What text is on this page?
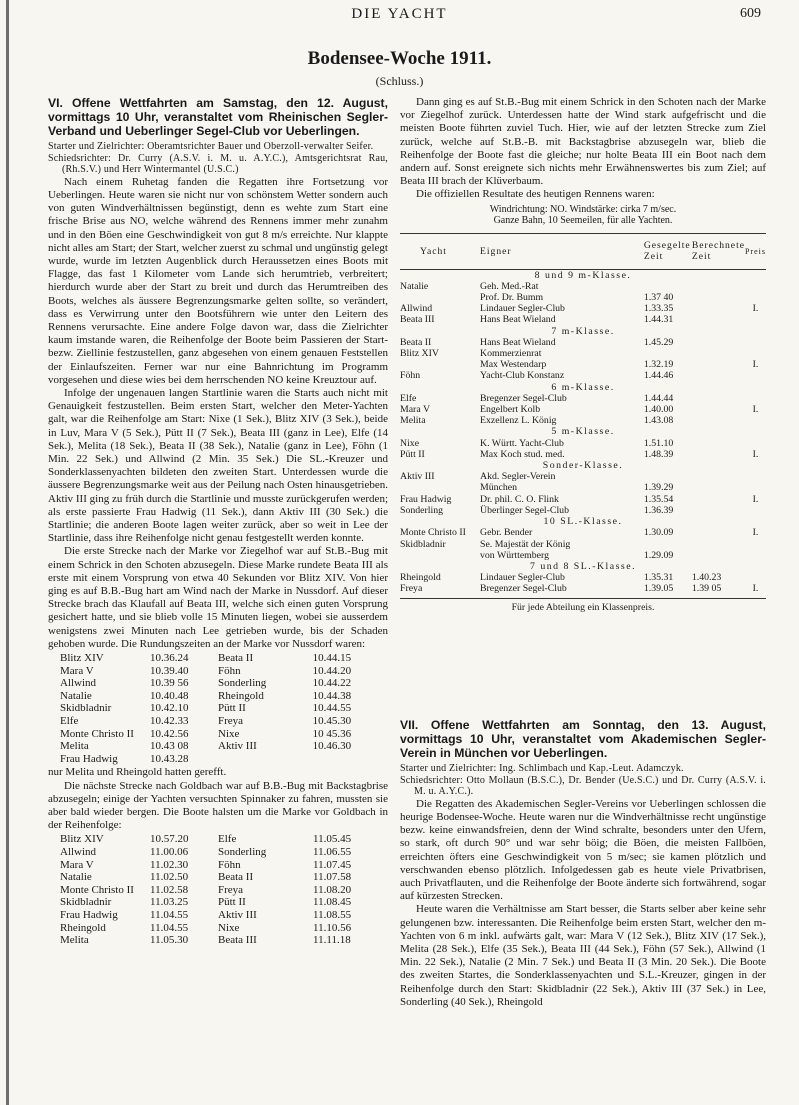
DIE YACHT	609
Bodensee-Woche 1911.
(Schluss.)
VI. Offene Wettfahrten am Samstag, den 12. August, vormittags 10 Uhr, veranstaltet vom Rheinischen Segler-Verband und Ueberlinger Segel-Club vor Ueberlingen.

Starter und Zielrichter: Oberamtsrichter Bauer und Oberzoll-verwalter Seifer.

Schiedsrichter: Dr. Curry (A.S.V. i. M. u. A.Y.C.), Amtsgerichtsrat Rau, (Rh.S.V.) und Herr Wintermantel (U.S.C.)

Nach einem Ruhetag fanden die Regatten ihre Fortsetzung vor Ueberlingen. Heute waren sie nicht nur von schönstem Wetter sondern auch von guten Windverhältnissen begünstigt, denn es wehte zum Start eine frische Brise aus NO, welche während des Rennens immer mehr zunahm und in den Böen eine Geschwindigkeit von gut 8 m/s erreichte. Nur klappte nicht alles am Start; der Start, welcher zuerst zu schmal und ungünstig gelegt wurde, wurde im letzten Augenblick durch Heraussetzen eines Boots mit Flagge, das fast 1 Kilometer vom Lande sich herumtrieb, verbreitert; hierdurch wurde aber der Start zu breit und durch das Herumtreiben des Boots, welches als äussere Begrenzungsmarke gelten sollte, so verändert, dass es Verwirrung unter den Bootsführern wie unter den Leitern des Rennens verursachte. Eine andere Folge davon war, dass die Zielrichter kaum imstande waren, die Reihenfolge der Boote beim Passieren der Start- bezw. Ziellinie festzustellen, ganz abgesehen von einem genauen Feststellen der Einlaufszeiten. Ferner war nur eine Bahnrichtung im Programm vorgesehen und diese wies bei dem herrschenden NO keine Kreuztour auf.

Infolge der ungenauen langen Startlinie waren die Starts auch nicht mit Genauigkeit festzustellen. Beim ersten Start, welcher den Meter-Yachten galt, war die Reihenfolge am Start: Nixe (1 Sek.), Blitz XIV (3 Sek.), beide in Luv, Mara V (5 Sek.), Pütt II (7 Sek.), Beata III (ganz in Lee), Elfe (14 Sek.), Melita (18 Sek.), Beata II (38 Sek.), Natalie (ganz in Lee), Föhn (1 Min. 22 Sek.) und Allwind (2 Min. 35 Sek.) Die SL.-Kreuzer und Sonderklassenyachten bildeten den zweiten Start. Unterdessen wurde die äussere Begrenzungsmarke weit aus der Peilung nach Osten hinausgetrieben. Aktiv III ging zu früh durch die Startlinie und musste zurückgerufen werden; als erste passierte Frau Hadwig (11 Sek.), dann Aktiv III (30 Sek.) die Startlinie; die anderen Boote lagen weiter zurück, aber so weit in Lee der Startlinie, dass ihre Reihenfolge nicht genau festgestellt werden konnte.

Die erste Strecke nach der Marke vor Ziegelhof war auf St.B.-Bug mit einem Schrick in den Schoten abzusegeln. Diese Marke rundete Beata III als erste mit einem Vorsprung von etwa 40 Sekunden vor Blitz XIV. Von hier ging es auf B.B.-Bug hart am Wind nach der Marke in Nussdorf. Auf dieser Strecke brach das Klaufall auf Beata III, welche sich einen guten Vorsprung gesichert hatte, und sie blieb volle 15 Minuten liegen, wobei sie ausserdem wenigstens zwei Minuten nach Lee getrieben wurde, bis der Schaden gehoben wurde. Die Rundungszeiten an der Marke vor Nussdorf waren:

Blitz XIV	10.36.24	Beata II	10.44.15
Mara V	10.39.40	Föhn	10.44.20
Allwind	10.39 56	Sonderling	10.44.22
Natalie	10.40.48	Rheingold	10.44.38
Skidbladnir	10.42.10	Pütt II	10.44.55
Elfe	10.42.33	Freya	10.45.30
Monte Christo II	10.42.56	Nixe	10 45.36
Melita	10.43 08	Aktiv III	10.46.30
Frau Hadwig	10.43.28		

nur Melita und Rheingold hatten gerefft.

Die nächste Strecke nach Goldbach war auf B.B.-Bug mit Backstagbrise abzusegeln; einige der Yachten versuchten Spinnaker zu fahren, mussten sie aber bald wieder bergen. Die Boote halsten um die Marke vor Goldbach in der Reihenfolge:

Blitz XIV	10.57.20	Elfe	11.05.45
Allwind	11.00.06	Sonderling	11.06.55
Mara V	11.02.30	Föhn	11.07.45
Natalie	11.02.50	Beata II	11.07.58
Monte Christo II	11.02.58	Freya	11.08.20
Skidbladnir	11.03.25	Pütt II	11.08.45
Frau Hadwig	11.04.55	Aktiv III	11.08.55
Rheingold	11.04.55	Nixe	11.10.56
Melita	11.05.30	Beata III	11.11.18

Dann ging es auf St.B.-Bug mit einem Schrick in den Schoten nach der Marke vor Ziegelhof zurück. Unterdessen hatte der Wind stark aufgefrischt und die meisten Boote führten zuviel Tuch. Hier, wie auf der letzten Strecke zum Ziel zurück, welche auf St.B.-B. mit Backstagbrise abzusegeln war, blieb die Reihenfolge der Boote fast die gleiche; nur holte Beata III ein Boot nach dem andern auf. Sonst ereignete sich nichts mehr Erwähnenswertes bis zum Ziel; auf Beata III brach der Klüverbaum.

Die offiziellen Resultate des heutigen Rennens waren:

Windrichtung: NO. Windstärke: cirka 7 m/sec.
Ganze Bahn, 10 Seemeilen, für alle Yachten.
Yacht	Eigner	Gesegelte Zeit	Berechnete Zeit	Preis
8 und 9 m-Klasse.				
Natalie	Geh. Med.-Rat			
	Prof. Dr. Bumm	1.37 40		
Allwind	Lindauer Segler-Club	1.33.35		I.
Beata III	Hans Beat Wieland	1.44.31		
7 m-Klasse.				
Beata II	Hans Beat Wieland	1.45.29		
Blitz XIV	Kommerzienrat			
	Max Westendarp	1.32.19		I.
Föhn	Yacht-Club Konstanz	1.44.46		
6 m-Klasse.				
Elfe	Bregenzer Segel-Club	1.44.44		
Mara V	Engelbert Kolb	1.40.00		I.
Melita	Exzellenz L. König	1.43.08		
5 m-Klasse.				
Nixe	K. Württ. Yacht-Club	1.51.10		
Pütt II	Max Koch stud. med.	1.48.39		I.
Sonder-Klasse.				
Aktiv III	Akd. Segler-Verein			
	München	1.39.29		
Frau Hadwig	Dr. phil. C. O. Flink	1.35.54		I.
Sonderling	Überlinger Segel-Club	1.36.39		
10 SL.-Klasse.				
Monte Christo II	Gebr. Bender	1.30.09		I.
Skidbladnir	Se. Majestät der König			
	von Württemberg	1.29.09		
7 und 8 SL.-Klasse.				
Rheingold	Lindauer Segler-Club	1.35.31	1.40.23	
Freya	Bregenzer Segel-Club	1.39.05	1.39 05	I.
Für jede Abteilung ein Klassenpreis.
VII. Offene Wettfahrten am Sonntag, den 13. August, vormittags 10 Uhr, veranstaltet vom Akademischen Segler-Verein in München vor Ueberlingen.

Starter und Zielrichter: Ing. Schlimbach und Kap.-Leut. Adamczyk.

Schiedsrichter: Otto Mollaun (B.S.C.), Dr. Bender (Ue.S.C.) und Dr. Curry (A.S.V. i. M. u. A.Y.C.).

Die Regatten des Akademischen Segler-Vereins vor Ueberlingen schlossen die heurige Bodensee-Woche. Heute waren nur die Windverhältnisse recht ungünstige bezw. keine einwandsfreien, denn der Wind schralte, besonders unter den Ufern, so stark, oft durch 90° und war sehr böig; die Böen, die meisten Fallböen, erreichten öfters eine Geschwindigkeit von 5 m/sec; sie kamen plötzlich und verschwanden ebenso plötzlich. Infolgedessen gab es heute viele Privatbrisen, auch Privatflauten, und die Reihenfolge der Boote änderte sich fortwährend, sogar auf kürzesten Strecken.

Heute waren die Verhältnisse am Start besser, die Starts selber aber keine sehr gelungenen bzw. interessanten. Die Reihenfolge beim ersten Start, welcher den m-Yachten von 6 m inkl. aufwärts galt, war: Mara V (12 Sek.), Blitz XIV (17 Sek.), Melita (28 Sek.), Elfe (35 Sek.), Beata III (44 Sek.), Föhn (57 Sek.), Allwind (1 Min. 22 Sek.), Natalie (2 Min. 7 Sek.) und Beata II (3 Min. 20 Sek.). Die Boote des zweiten Startes, die Sonderklassenyachten und S.L.-Kreuzer, gingen in der Reihenfolge durch den Start: Skidbladnir (22 Sek.), Aktiv III (37 Sek.) in Lee, Sonderling (40 Sek.), Rheingold
